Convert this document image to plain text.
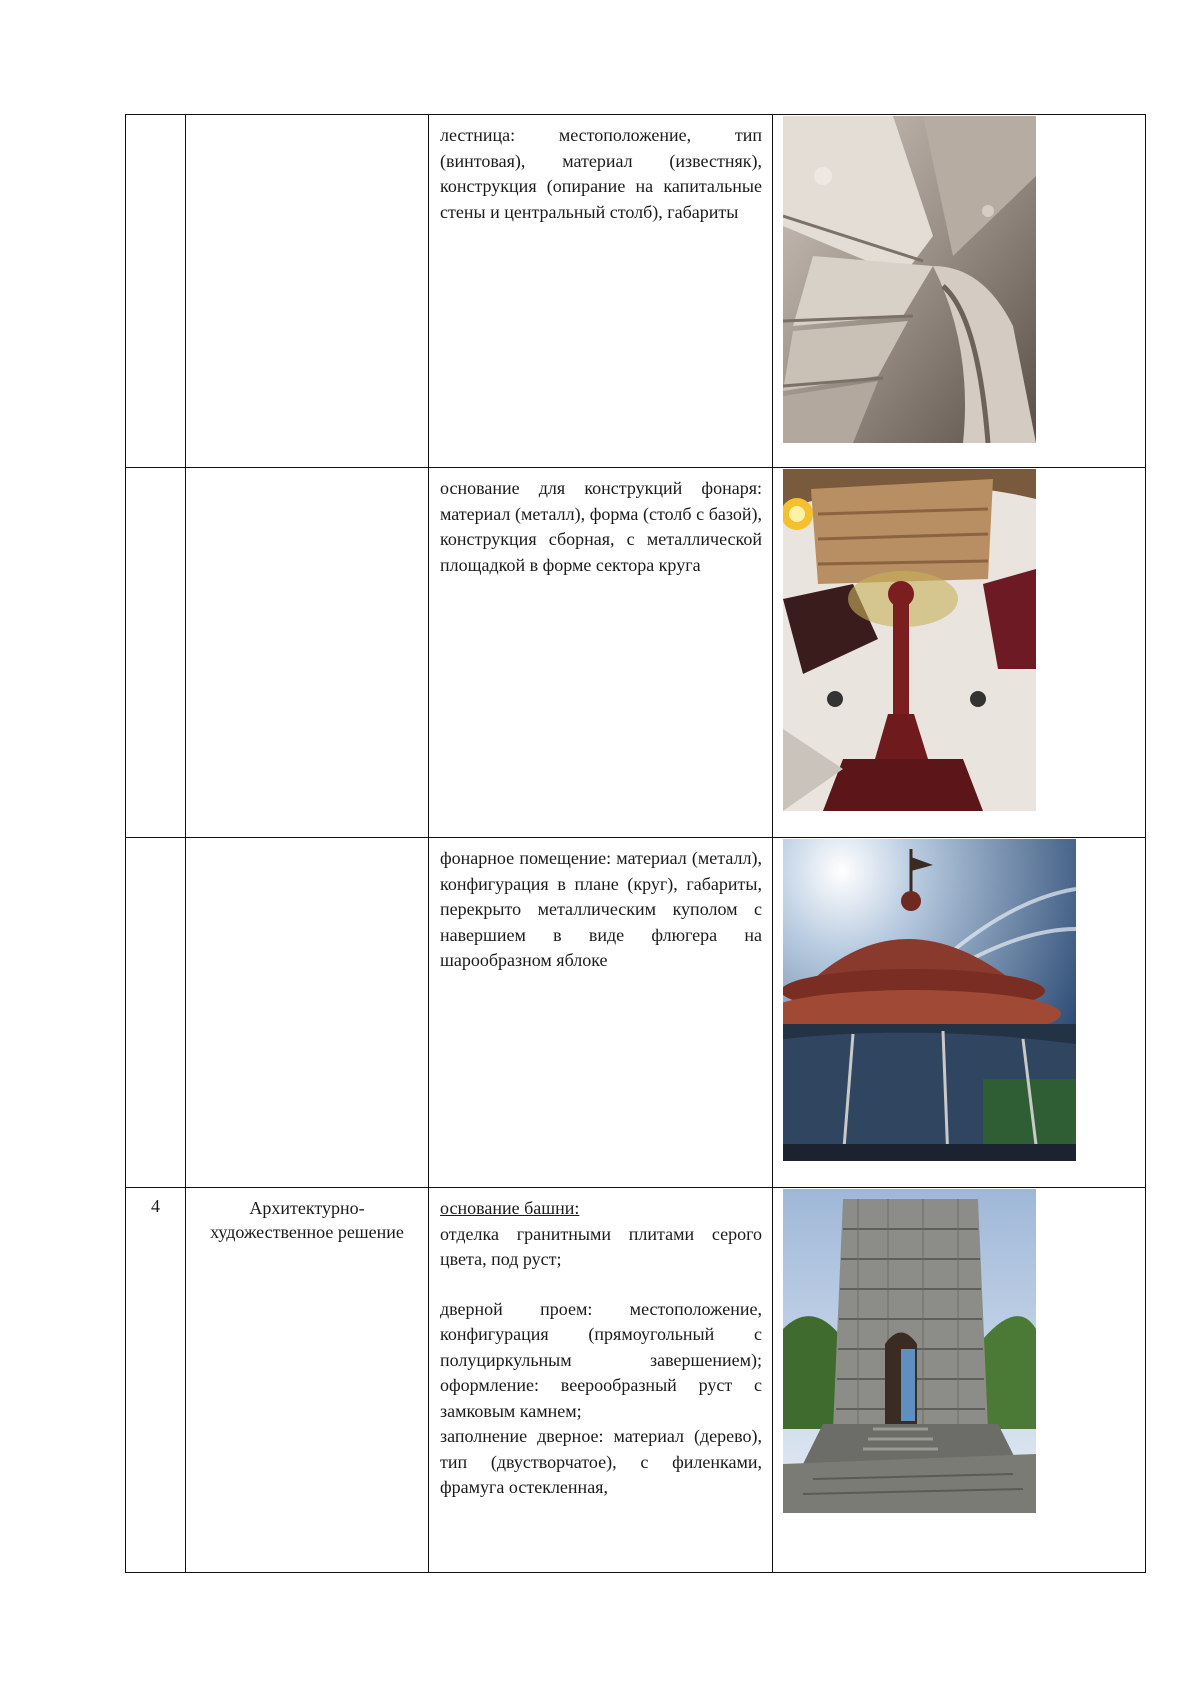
		лестница: местоположение, тип (винтовая), материал (известняк), конструкция (опирание на капитальные стены и центральный столб), габариты

		основание для конструкций фонаря: материал (металл), форма (столб с базой), конструкция сборная, с металлической площадкой в форме сектора круга

		фонарное помещение: материал (металл), конфигурация в плане (круг), габариты, перекрыто металлическим куполом с навершием в виде флюгера на шарообразном яблоке

4	Архитектурно-художественное решение	основание башни:

отделка гранитными плитами серого цвета, под руст;

дверной проем: местоположение, конфигурация (прямоугольный с полуциркульным завершением); оформление: веерообразный руст с замковым камнем;

заполнение дверное: материал (дерево), тип (двустворчатое), с филенками, фрамуга остекленная,
